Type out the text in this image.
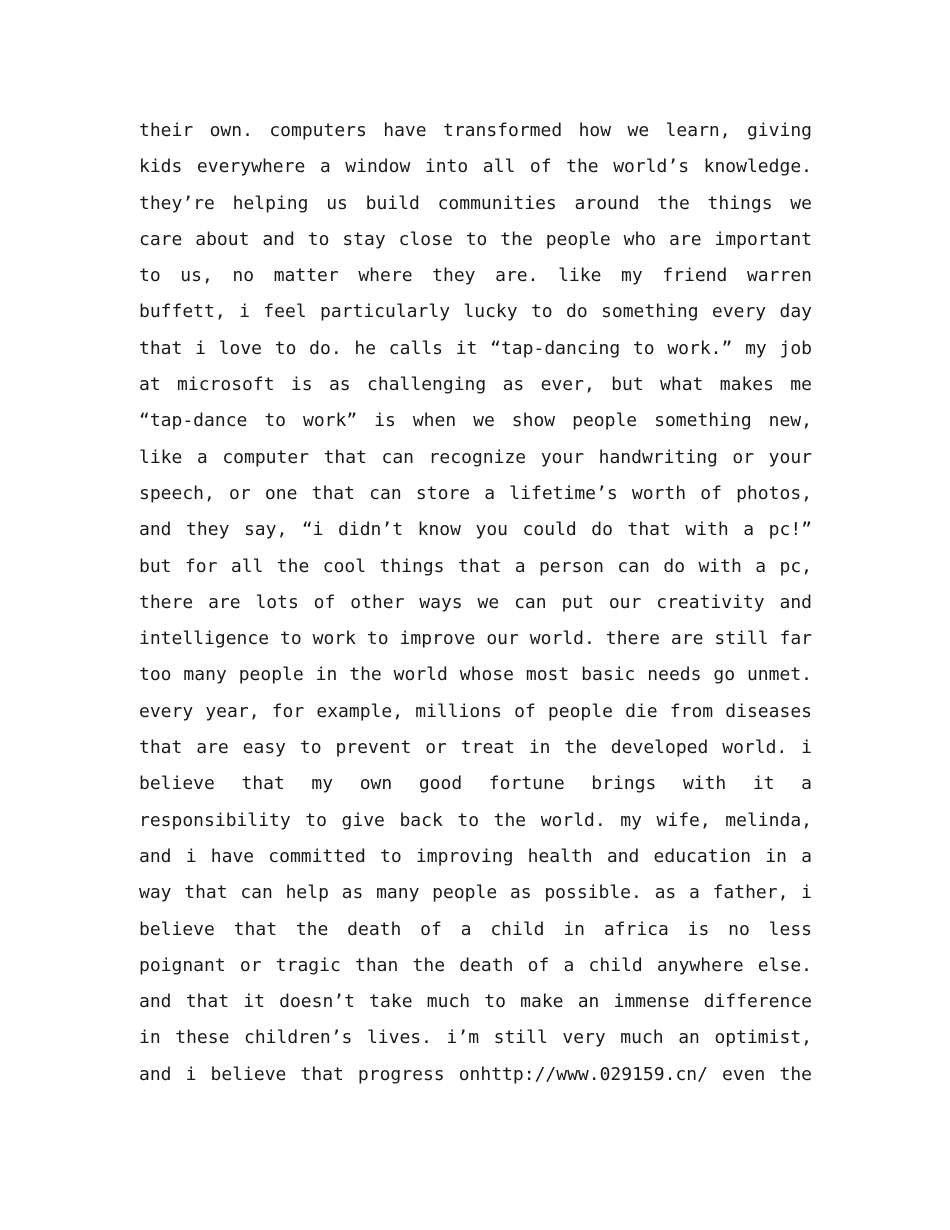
their own. computers have transformed how we learn, giving
kids everywhere a window into all of the world’s knowledge.
they’re helping us build communities around the things we
care about and to stay close to the people who are important
to us, no matter where they are. like my friend warren
buffett, i feel particularly lucky to do something every day
that i love to do. he calls it “tap-dancing to work.” my job
at microsoft is as challenging as ever, but what makes me
“tap-dance to work” is when we show people something new,
like a computer that can recognize your handwriting or your
speech, or one that can store a lifetime’s worth of photos,
and they say, “i didn’t know you could do that with a pc!”
but for all the cool things that a person can do with a pc,
there are lots of other ways we can put our creativity and
intelligence to work to improve our world. there are still far
too many people in the world whose most basic needs go unmet.
every year, for example, millions of people die from diseases
that are easy to prevent or treat in the developed world. i
believe that my own good fortune brings with it a
responsibility to give back to the world. my wife, melinda,
and i have committed to improving health and education in a
way that can help as many people as possible. as a father, i
believe that the death of a child in africa is no less
poignant or tragic than the death of a child anywhere else.
and that it doesn’t take much to make an immense difference
in these children’s lives. i’m still very much an optimist,
and i believe that progress onhttp://www.029159.cn/ even the
